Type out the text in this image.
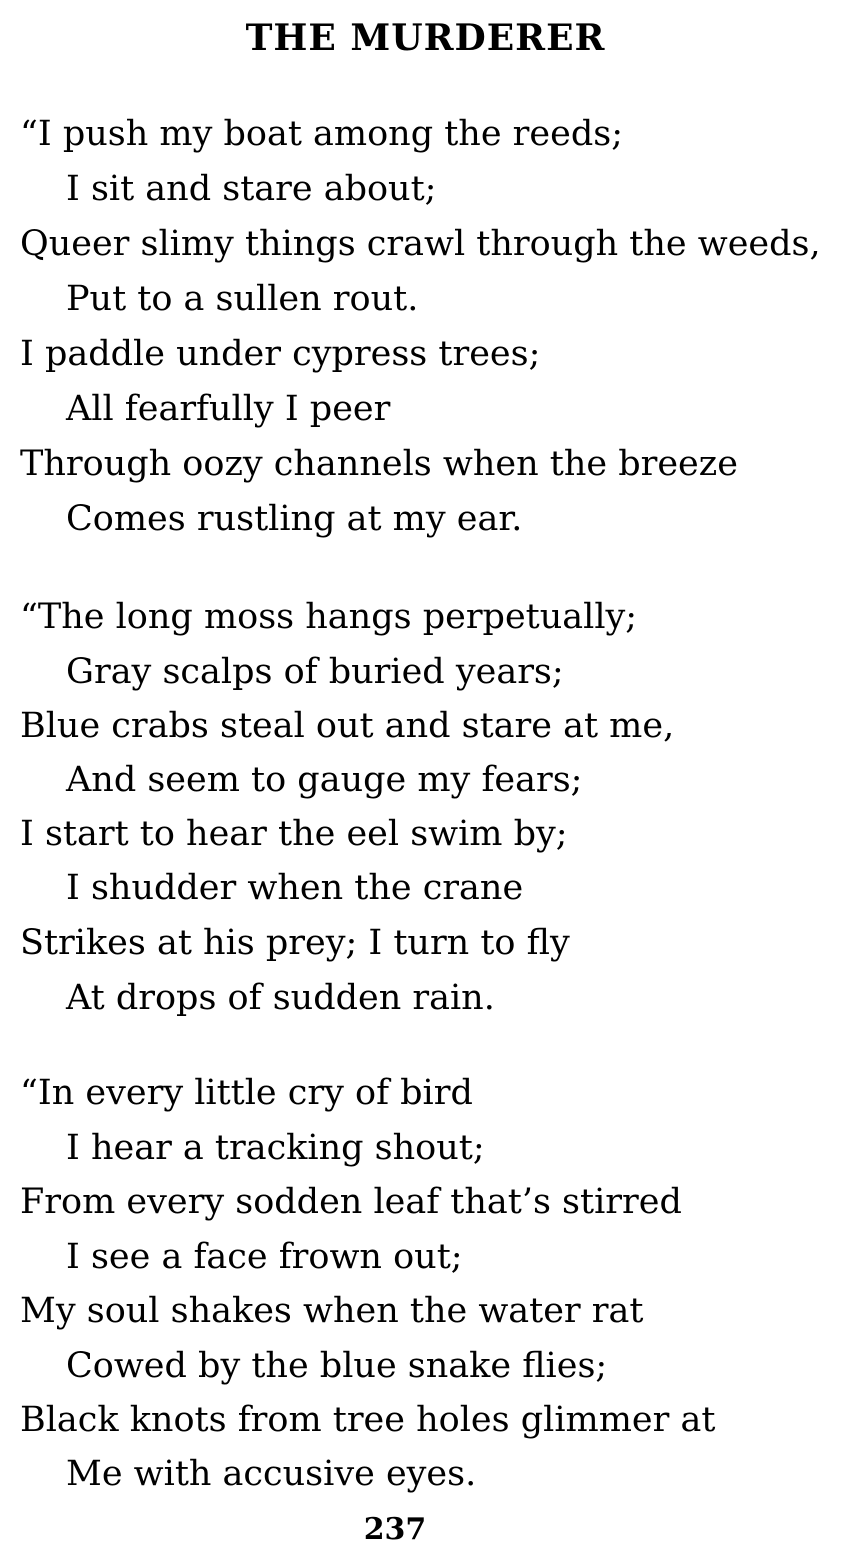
THE MURDERER
“I push my boat among the reeds;
I sit and stare about;
Queer slimy things crawl through the weeds,
Put to a sullen rout.
I paddle under cypress trees;
All fearfully I peer
Through oozy channels when the breeze
Comes rustling at my ear.
“The long moss hangs perpetually;
Gray scalps of buried years;
Blue crabs steal out and stare at me,
And seem to gauge my fears;
I start to hear the eel swim by;
I shudder when the crane
Strikes at his prey; I turn to fly
At drops of sudden rain.
“In every little cry of bird
I hear a tracking shout;
From every sodden leaf that’s stirred
I see a face frown out;
My soul shakes when the water rat
Cowed by the blue snake flies;
Black knots from tree holes glimmer at
Me with accusive eyes.
237
